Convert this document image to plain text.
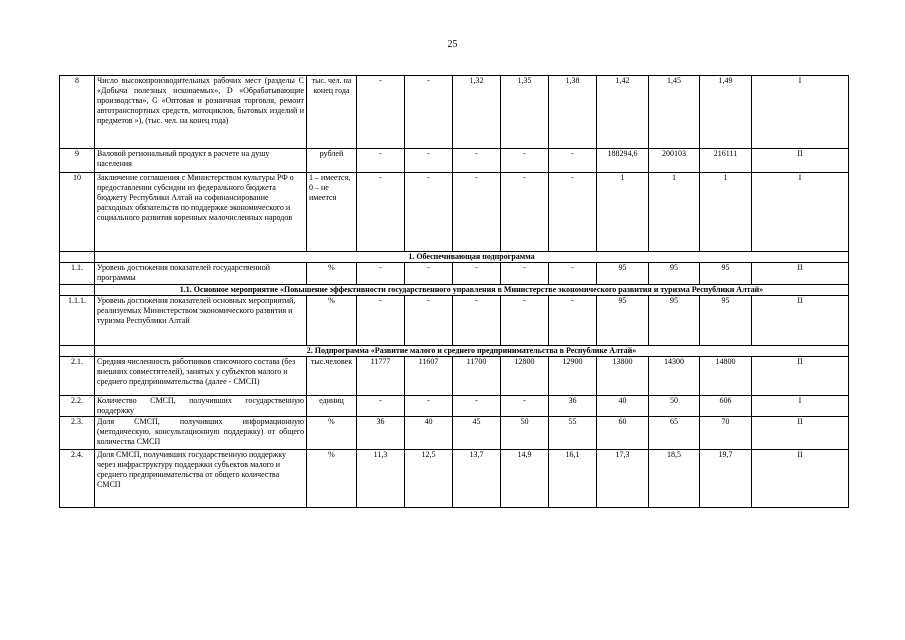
25
8	Число высокопроизводительных рабочих мест (разделы C «Добыча полезных ископаемых», D «Обрабатывающие производства», G «Оптовая и розничная торговля, ремонт автотранспортных средств, мотоциклов, бытовых изделий и предметов »), (тыс. чел. на конец года)	тыс. чел. на конец года	-	-	1,32	1,35	1,38	1,42	1,45	1,49	I
9	Валовой региональный продукт в расчете на душу населения	рублей	-	-	-	-	-	188294,6	200103	216111	II
10	Заключение соглашения с Министерством культуры РФ о предоставлении субсидии из федерального бюджета бюджету Республики Алтай на софинансирование расходных обязательств по поддержке экономического и социального развития коренных малочисленных народов	1 – имеется, 0 – не имеется	-	-	-	-	-	1	1	1	I
	1. Обеспечивающая подпрограмма										
1.1.	Уровень достижения показателей государственной программы	%	-	-	-	-	-	95	95	95	II
	1.1. Основное мероприятие «Повышение эффективности государственного управления в Министерстве экономического развития и туризма Республики Алтай»										
1.1.1.	Уровень достижения показателей основных мероприятий, реализуемых Министерством экономического развития и туризма Республики Алтай	%	-	-	-	-	-	95	95	95	II
	2. Подпрограмма «Развитие малого и среднего предпринимательства в Республике Алтай»										
2.1.	Средняя численность работников списочного состава (без внешних совместителей), занятых у субъектов малого и среднего предпринимательства (далее - СМСП)	тыс.человек	11777	11607	11700	12800	12900	13800	14300	14800	II
2.2.	Количество СМСП, получивших государственную поддержку	единиц	-	-	-	-	36	40	50	606	I
2.3.	Доля СМСП, получивших информационную (методическую, консультационную поддержку) от общего количества СМСП	%	36	40	45	50	55	60	65	70	II
2.4.	Доля СМСП, получивших государственную поддержку через инфраструктуру поддержки субъектов малого и среднего предпринимательства от общего количества СМСП	%	11,3	12,5	13,7	14,9	16,1	17,3	18,5	19,7	II
